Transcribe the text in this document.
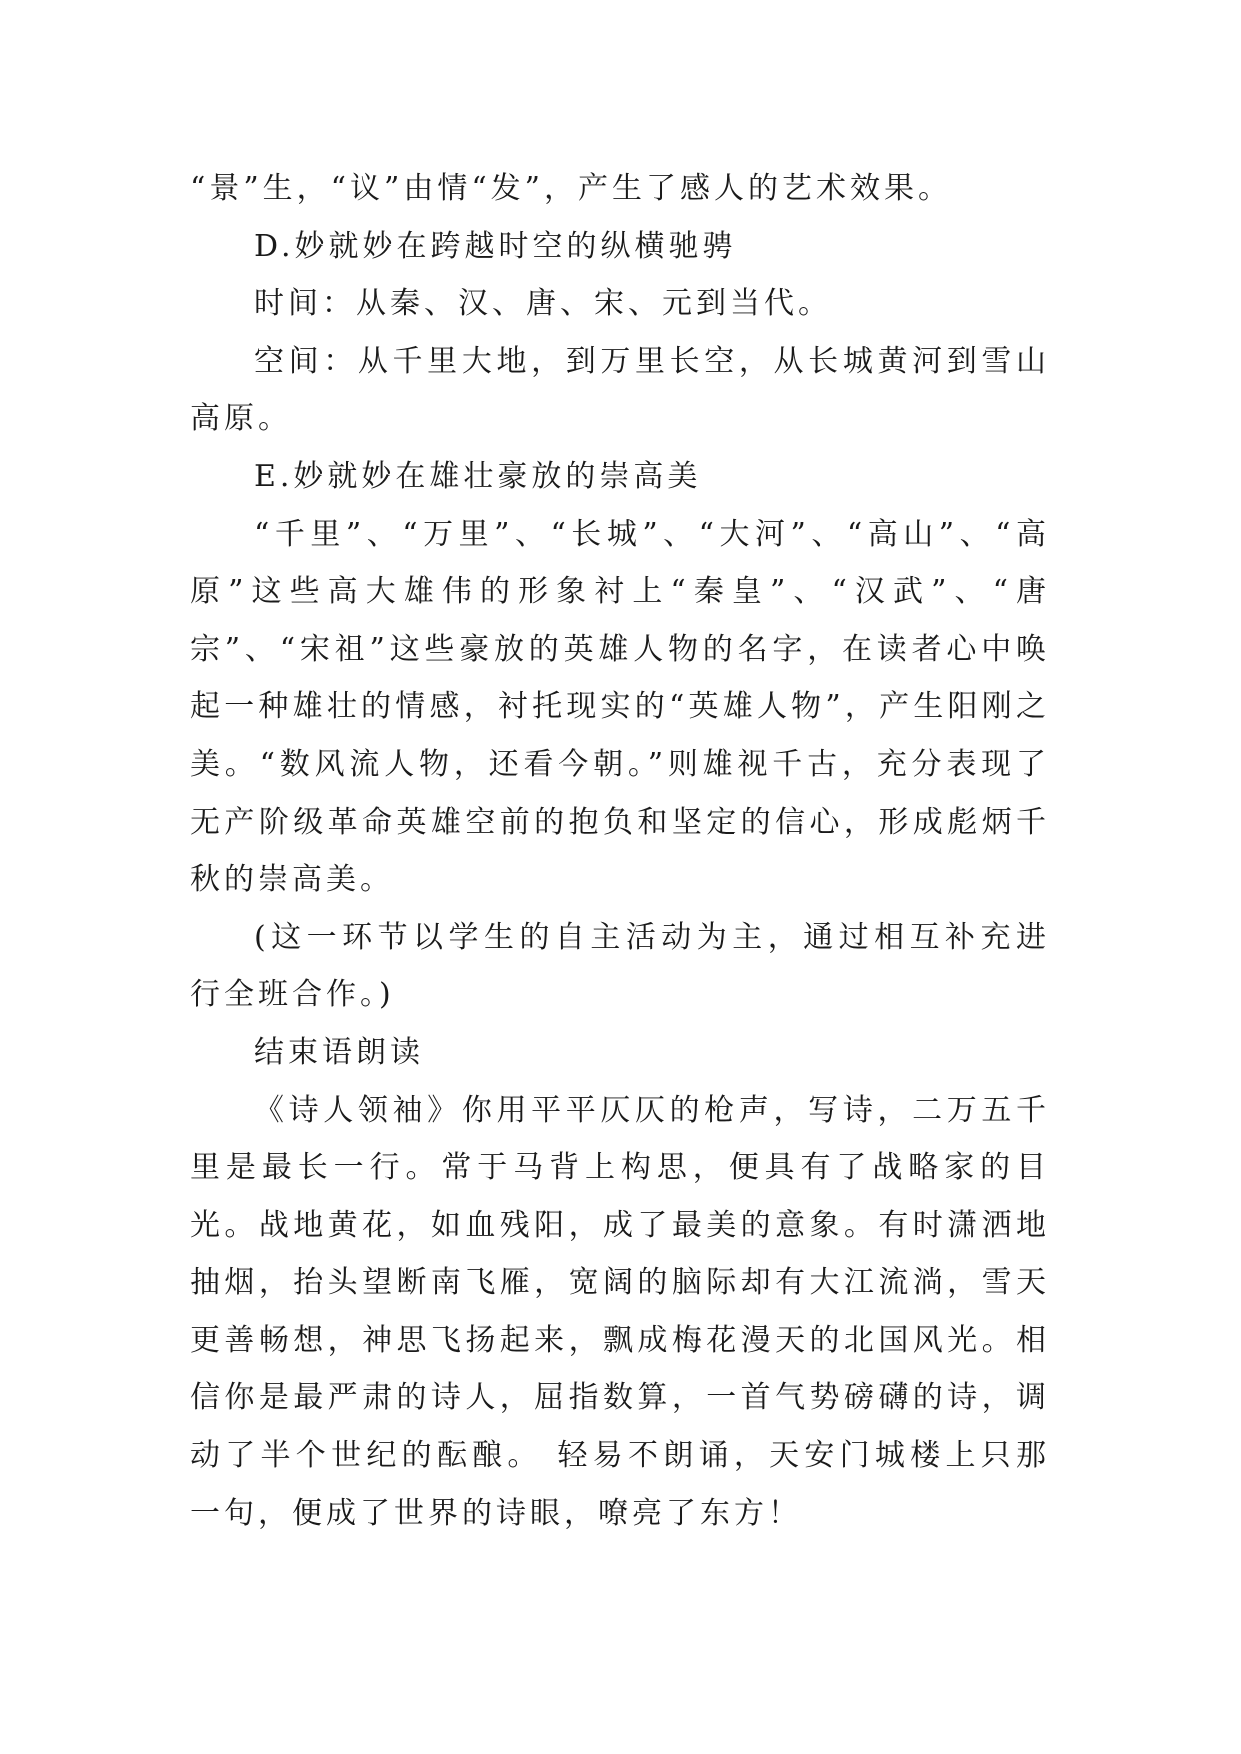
“景”生，“议”由情“发”，产生了感人的艺术效果。

D.妙就妙在跨越时空的纵横驰骋

时间：从秦、汉、唐、宋、元到当代。

空间：从千里大地，到万里长空，从长城黄河到雪山高原。

E.妙就妙在雄壮豪放的崇高美

“千里”、“万里”、“长城”、“大河”、“高山”、“高原”这些高大雄伟的形象衬上“秦皇”、“汉武”、“唐宗”、“宋祖”这些豪放的英雄人物的名字，在读者心中唤起一种雄壮的情感，衬托现实的“英雄人物”，产生阳刚之美。“数风流人物，还看今朝。”则雄视千古，充分表现了无产阶级革命英雄空前的抱负和坚定的信心，形成彪炳千秋的崇高美。

(这一环节以学生的自主活动为主，通过相互补充进行全班合作。)

结束语朗读

《诗人领袖》你用平平仄仄的枪声，写诗，二万五千里是最长一行。常于马背上构思，便具有了战略家的目光。战地黄花，如血残阳，成了最美的意象。有时潇洒地抽烟，抬头望断南飞雁，宽阔的脑际却有大江流淌，雪天更善畅想，神思飞扬起来，飘成梅花漫天的北国风光。相信你是最严肃的诗人，屈指数算，一首气势磅礴的诗，调动了半个世纪的酝酿。 轻易不朗诵，天安门城楼上只那一句，便成了世界的诗眼，嘹亮了东方！
